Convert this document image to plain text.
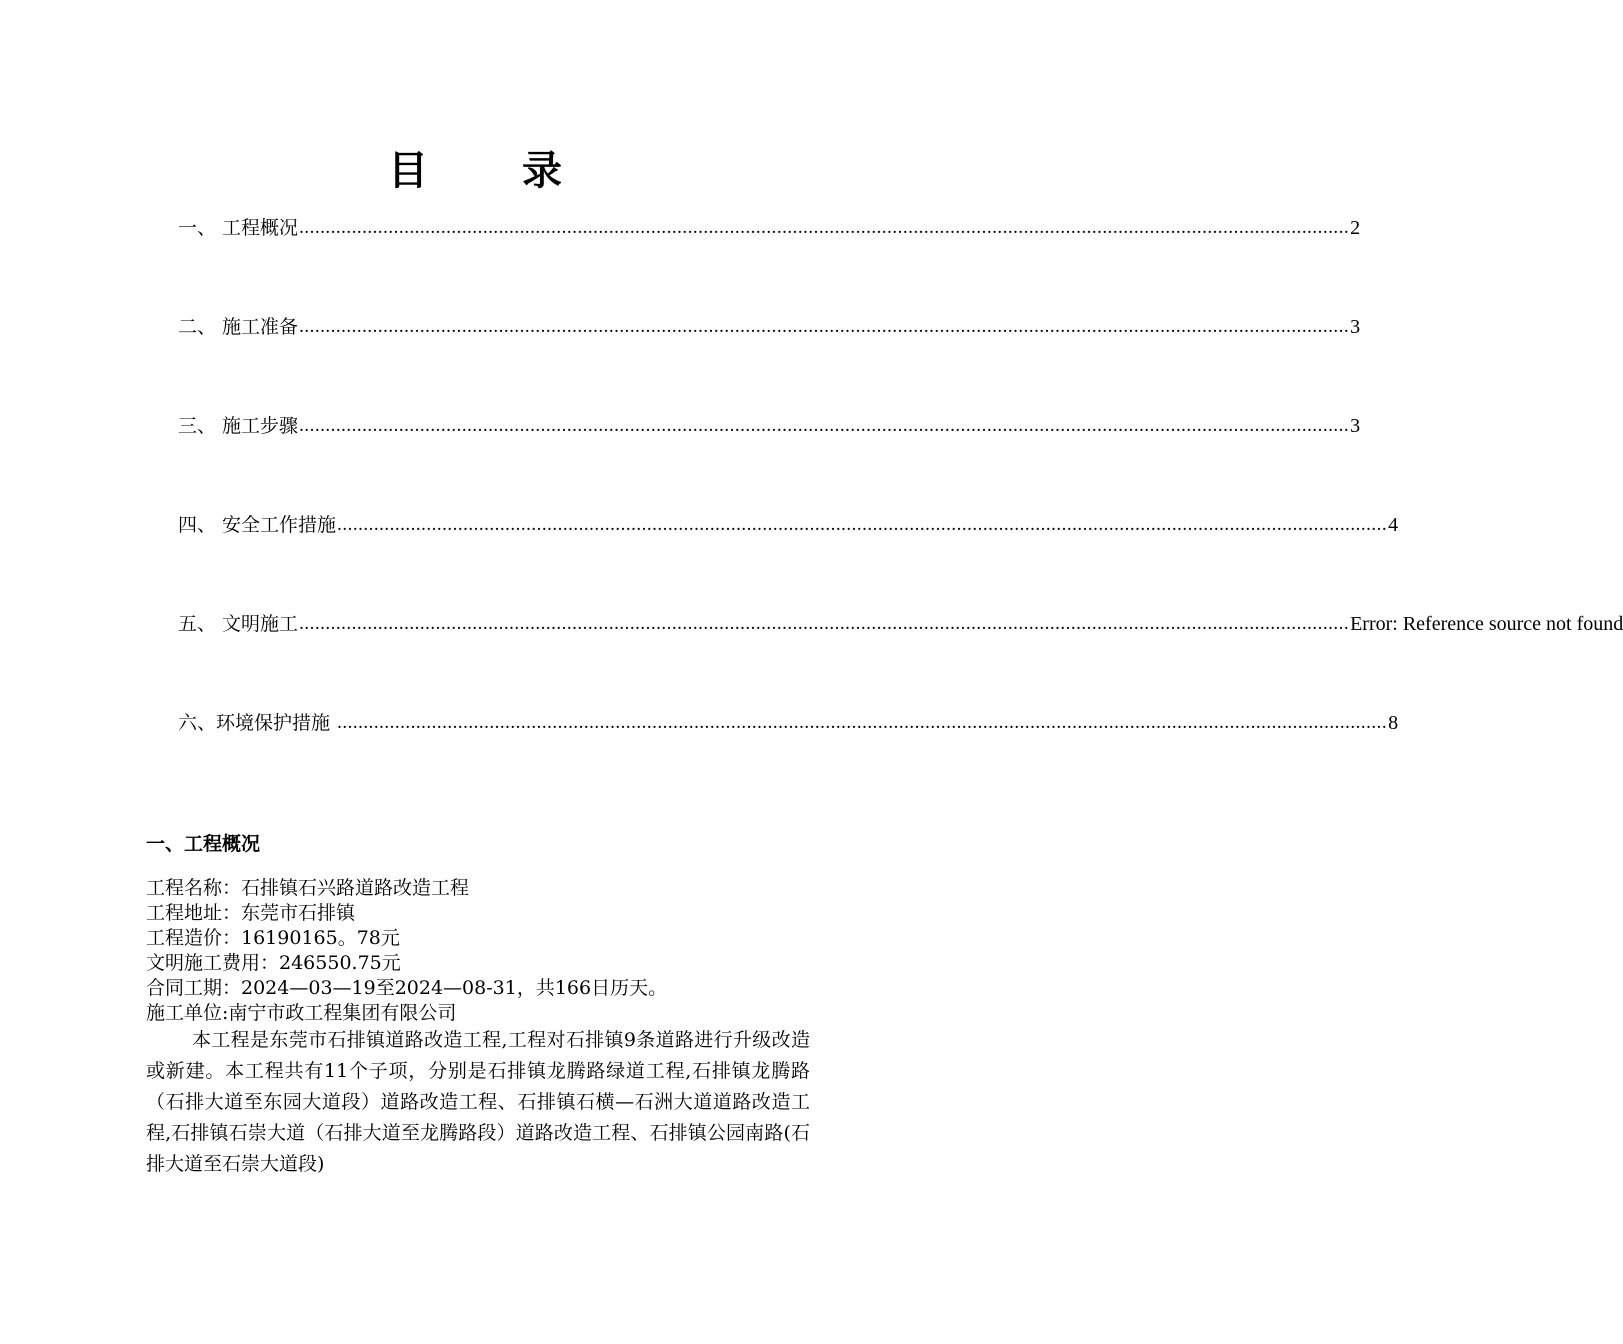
目 录
一、 工程概况 ........................................................................................................................................................................................................ 2
二、 施工准备 ........................................................................................................................................................................................................ 3
三、 施工步骤 ........................................................................................................................................................................................................ 3
四、 安全工作措施 ........................................................................................................................................................................................................ 4
五、 文明施工 ........................................................................................................................................................................................................ Error: Reference source not found
六、 环境保护措施 ........................................................................................................................................................................................................ 8
一、工程概况
工程名称：石排镇石兴路道路改造工程
工程地址：东莞市石排镇
工程造价：16190165。78元
文明施工费用：246550.75元
合同工期：2024—03—19至2024—08-31，共166日历天。
施工单位:南宁市政工程集团有限公司
本工程是东莞市石排镇道路改造工程,工程对石排镇9条道路进行升级改造或新建。本工程共有11个子项，分别是石排镇龙腾路绿道工程,石排镇龙腾路（石排大道至东园大道段）道路改造工程、石排镇石横—石洲大道道路改造工程,石排镇石崇大道（石排大道至龙腾路段）道路改造工程、石排镇公园南路(石排大道至石崇大道段)
